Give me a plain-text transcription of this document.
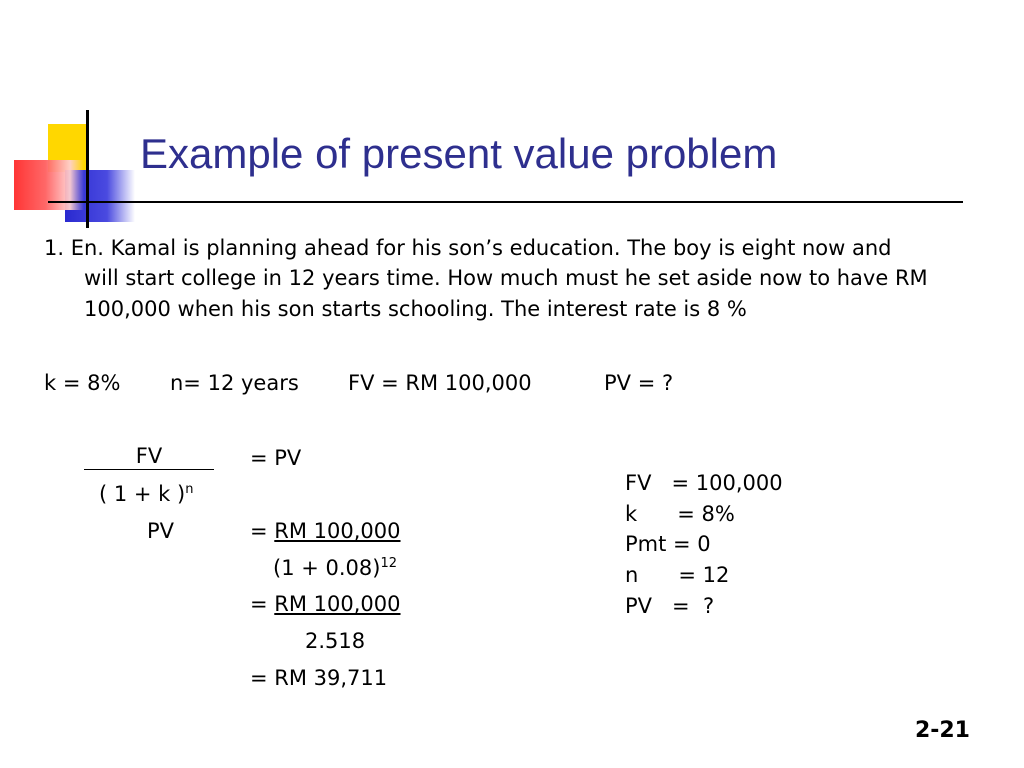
Example of present value problem
1. En. Kamal is planning ahead for his son’s education. The boy is eight now and
will start college in 12 years time. How much must he set aside now to have RM
100,000 when his son starts schooling. The interest rate is 8 %
k = 8% n= 12 years FV = RM 100,000	PV = ?
FV	= PV
( 1 + k )$^n$
PV	= RM 100,000
$(1 + 0.08)^{12}$
= RM 100,000
2.518
= RM 39,711
FV   = 100,000
k      = 8%
Pmt = 0
n      = 12
PV   =  ?
2-21
